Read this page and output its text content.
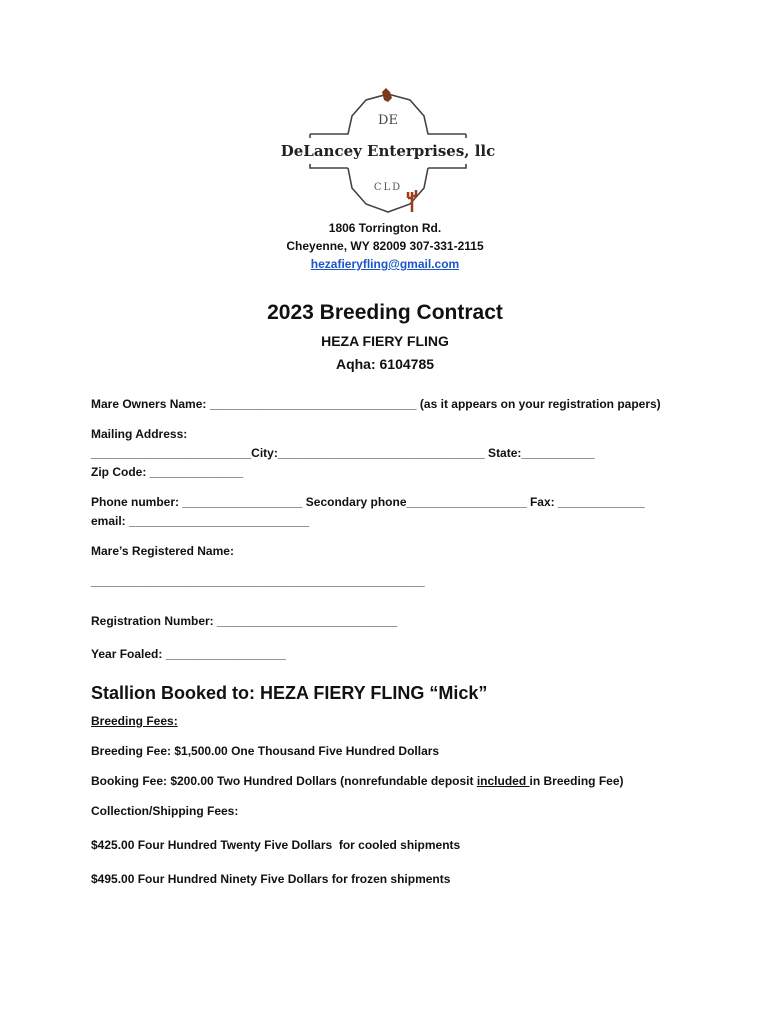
DE
CLD
DeLancey Enterprises, llc
1806 Torrington Rd.
Cheyenne, WY 82009 307-331-2115
hezafieryfling@gmail.com
2023 Breeding Contract
HEZA FIERY FLING
Aqha: 6104785
Mare Owners Name: _______________________________ (as it appears on your registration papers)
Mailing Address:
________________________City:_______________________________ State:___________
Zip Code: ______________
Phone number: __________________ Secondary phone__________________ Fax: _____________
email: ___________________________
Mare’s Registered Name:
__________________________________________________
Registration Number: ___________________________
Year Foaled: __________________
Stallion Booked to: HEZA FIERY FLING “Mick”
Breeding Fees:
Breeding Fee: $1,500.00 One Thousand Five Hundred Dollars
Booking Fee: $200.00 Two Hundred Dollars (nonrefundable deposit included in Breeding Fee)
Collection/Shipping Fees:
$425.00 Four Hundred Twenty Five Dollars  for cooled shipments
$495.00 Four Hundred Ninety Five Dollars for frozen shipments
